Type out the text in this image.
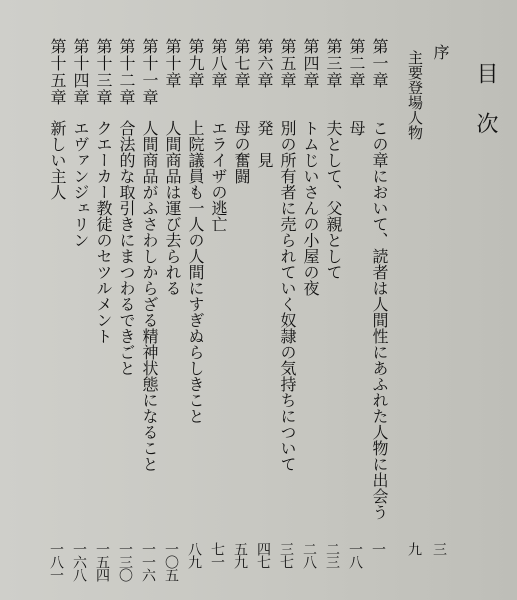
目次
序
三
主要登場人物
九
第一章
この章において、読者は人間性にあふれた人物に出会う
一
第二章
母
一八
第三章
夫として、父親として
二三
第四章
トムじいさんの小屋の夜
二八
第五章
別の所有者に売られていく奴隷の気持ちについて
三七
第六章
発　見
四七
第七章
母の奮闘
五九
第八章
エライザの逃亡
七一
第九章
上院議員も一人の人間にすぎぬらしきこと
八九
第十章
人間商品は運び去られる
一〇五
第十一章
人間商品がふさわしからざる精神状態になること
一一六
第十二章
合法的な取引きにまつわるできごと
一三〇
第十三章
クエーカー教徒のセツルメント
一五四
第十四章
エヴァンジェリン
一六八
第十五章
新しい主人
一八一
